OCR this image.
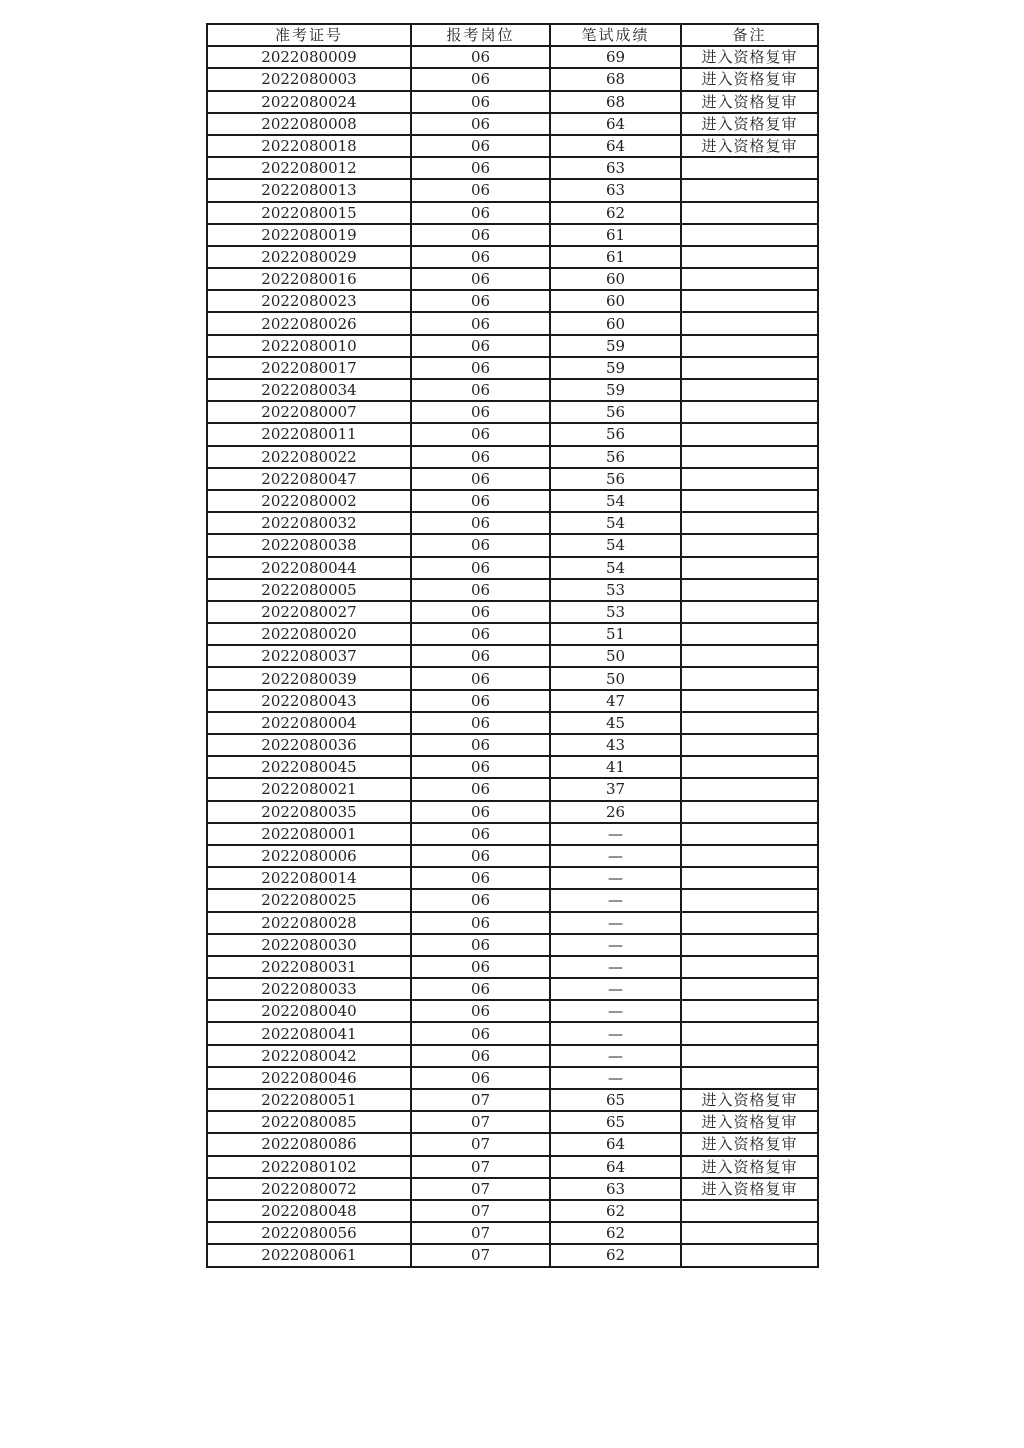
准考证号	报考岗位	笔试成绩	备注
2022080009	06	69	进入资格复审
2022080003	06	68	进入资格复审
2022080024	06	68	进入资格复审
2022080008	06	64	进入资格复审
2022080018	06	64	进入资格复审
2022080012	06	63	
2022080013	06	63	
2022080015	06	62	
2022080019	06	61	
2022080029	06	61	
2022080016	06	60	
2022080023	06	60	
2022080026	06	60	
2022080010	06	59	
2022080017	06	59	
2022080034	06	59	
2022080007	06	56	
2022080011	06	56	
2022080022	06	56	
2022080047	06	56	
2022080002	06	54	
2022080032	06	54	
2022080038	06	54	
2022080044	06	54	
2022080005	06	53	
2022080027	06	53	
2022080020	06	51	
2022080037	06	50	
2022080039	06	50	
2022080043	06	47	
2022080004	06	45	
2022080036	06	43	
2022080045	06	41	
2022080021	06	37	
2022080035	06	26	
2022080001	06	—	
2022080006	06	—	
2022080014	06	—	
2022080025	06	—	
2022080028	06	—	
2022080030	06	—	
2022080031	06	—	
2022080033	06	—	
2022080040	06	—	
2022080041	06	—	
2022080042	06	—	
2022080046	06	—	
2022080051	07	65	进入资格复审
2022080085	07	65	进入资格复审
2022080086	07	64	进入资格复审
2022080102	07	64	进入资格复审
2022080072	07	63	进入资格复审
2022080048	07	62	
2022080056	07	62	
2022080061	07	62	
